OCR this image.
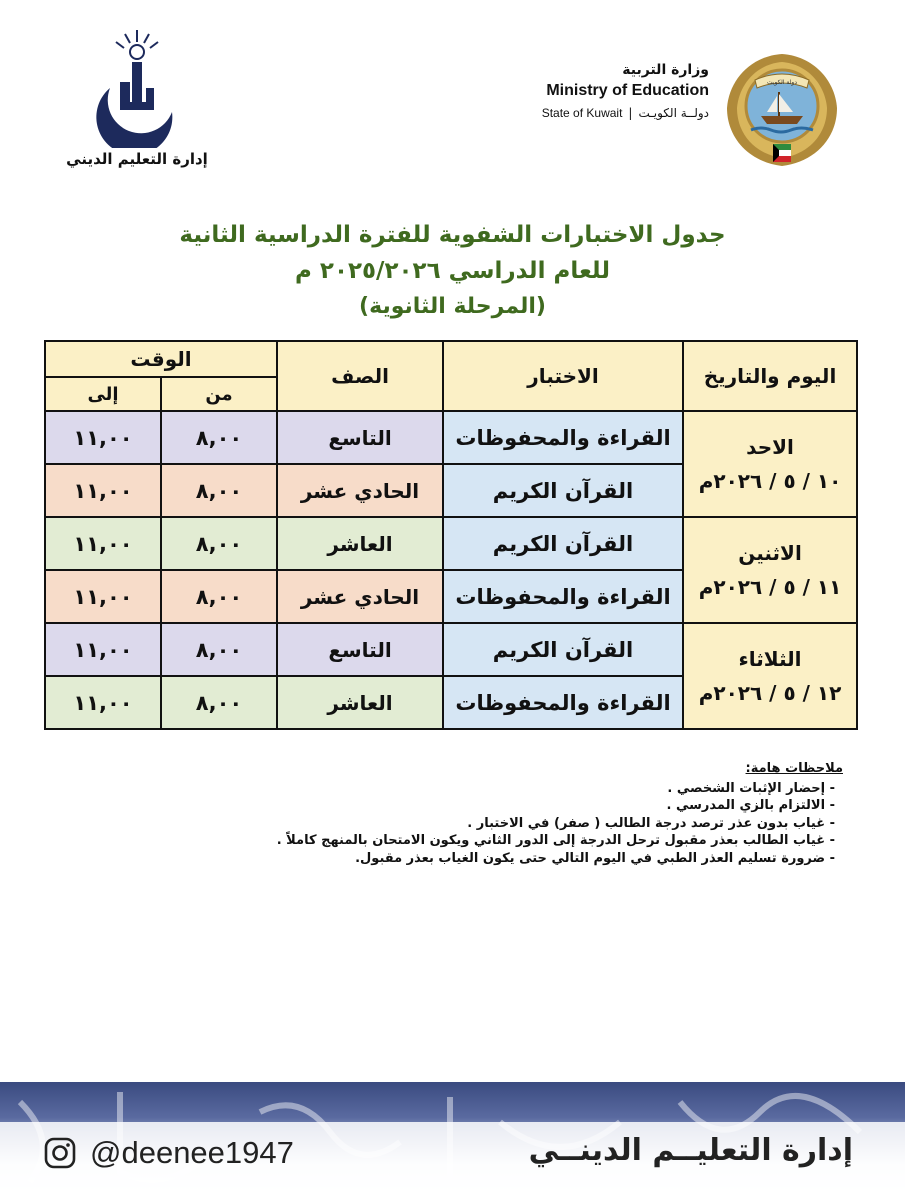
إدارة التعليم الديني
وزارة التربية
Ministry of Education
State of Kuwait | دولــة الكويـت
دولة الكويت
جدول الاختبارات الشفوية للفترة الدراسية الثانية
للعام الدراسي ٢٠٢٥/٢٠٢٦ م
(المرحلة الثانوية)
اليوم والتاريخ	الاختبار	الصف	الوقت	
			من	إلى

الاحد
١٠ / ٥ / ٢٠٢٦م	القراءة والمحفوظات	التاسع	٨,٠٠	١١,٠٠
	القرآن الكريم	الحادي عشر	٨,٠٠	١١,٠٠

الاثنين
١١ / ٥ / ٢٠٢٦م	القرآن الكريم	العاشر	٨,٠٠	١١,٠٠
	القراءة والمحفوظات	الحادي عشر	٨,٠٠	١١,٠٠

الثلاثاء
١٢ / ٥ / ٢٠٢٦م	القرآن الكريم	التاسع	٨,٠٠	١١,٠٠
	القراءة والمحفوظات	العاشر	٨,٠٠	١١,٠٠
ملاحظات هامة:
- إحضار الإثبات الشخصي .
- الالتزام بالزي المدرسي .
- غياب بدون عذر ترصد درجة الطالب ( صفر) في الاختبار .
- غياب الطالب بعذر مقبول ترحل الدرجة إلى الدور الثاني ويكون الامتحان بالمنهج كاملاً .
- ضرورة تسليم العذر الطبي في اليوم التالي حتى يكون الغياب بعذر مقبول.
@deenee1947	إدارة التعليــم الدينــي
